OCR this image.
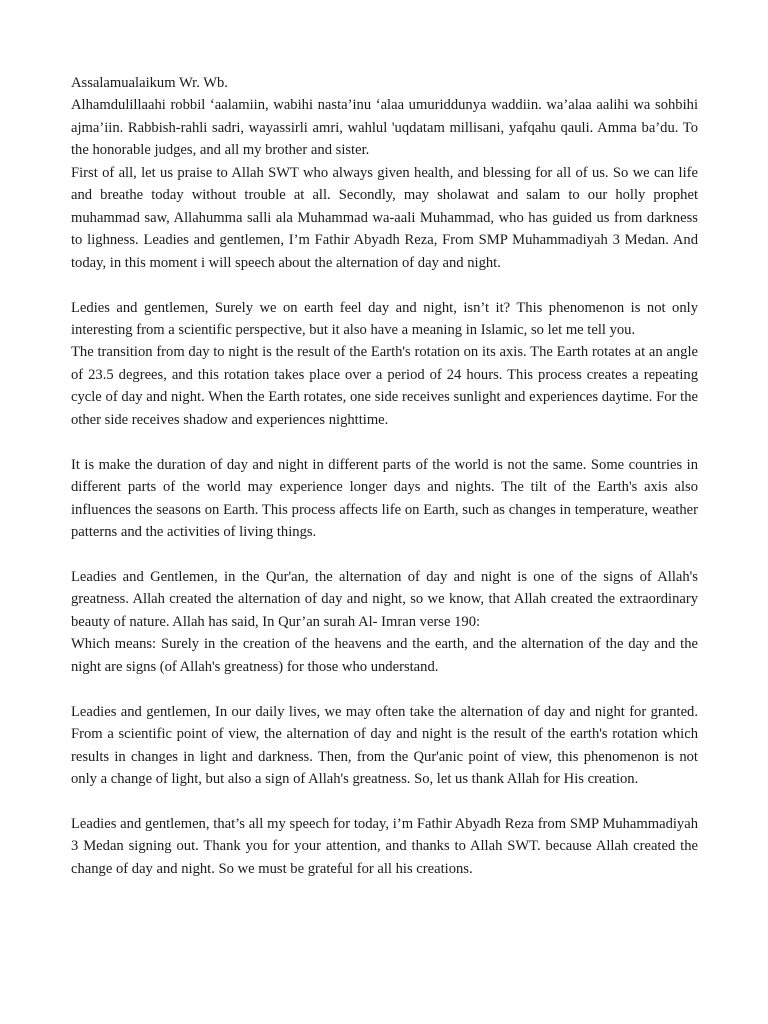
Assalamualaikum Wr. Wb.

Alhamdulillaahi robbil ‘aalamiin, wabihi nasta’inu ‘alaa umuriddunya waddiin. wa’alaa aalihi wa sohbihi ajma’iin. Rabbish-rahli sadri, wayassirli amri, wahlul 'uqdatam millisani, yafqahu qauli. Amma ba’du. To the honorable judges, and all my brother and sister.

First of all, let us praise to Allah SWT who always given health, and blessing for all of us. So we can life and breathe today without trouble at all. Secondly, may sholawat and salam to our holly prophet muhammad saw, Allahumma salli ala Muhammad wa-aali Muhammad, who has guided us from darkness to lighness. Leadies and gentlemen, I’m Fathir Abyadh Reza, From SMP Muhammadiyah 3 Medan. And today, in this moment i will speech about the alternation of day and night.

Ledies and gentlemen, Surely we on earth feel day and night, isn’t it? This phenomenon is not only interesting from a scientific perspective, but it also have a meaning in Islamic, so let me tell you.

The transition from day to night is the result of the Earth's rotation on its axis. The Earth rotates at an angle of 23.5 degrees, and this rotation takes place over a period of 24 hours. This process creates a repeating cycle of day and night. When the Earth rotates, one side receives sunlight and experiences daytime. For the other side receives shadow and experiences nighttime.

It is make the duration of day and night in different parts of the world is not the same. Some countries in different parts of the world may experience longer days and nights. The tilt of the Earth's axis also influences the seasons on Earth. This process affects life on Earth, such as changes in temperature, weather patterns and the activities of living things.

Leadies and Gentlemen, in the Qur'an, the alternation of day and night is one of the signs of Allah's greatness. Allah created the alternation of day and night, so we know, that Allah created the extraordinary beauty of nature. Allah has said, In Qur’an surah Al- Imran verse 190:

Which means: Surely in the creation of the heavens and the earth, and the alternation of the day and the night are signs (of Allah's greatness) for those who understand.

Leadies and gentlemen, In our daily lives, we may often take the alternation of day and night for granted. From a scientific point of view, the alternation of day and night is the result of the earth's rotation which results in changes in light and darkness. Then, from the Qur'anic point of view, this phenomenon is not only a change of light, but also a sign of Allah's greatness. So, let us thank Allah for His creation.

Leadies and gentlemen, that’s all my speech for today, i’m Fathir Abyadh Reza from SMP Muhammadiyah 3 Medan signing out. Thank you for your attention, and thanks to Allah SWT. because Allah created the change of day and night. So we must be grateful for all his creations.
